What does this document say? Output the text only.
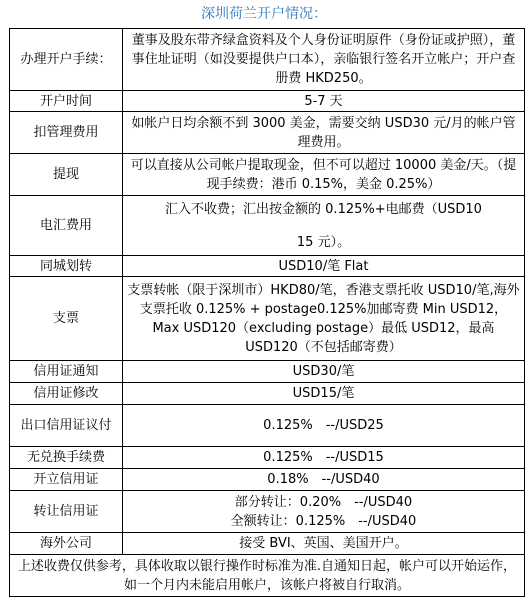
深圳荷兰开户情况：
办理开户手续：	董事及股东带齐绿盒资料及个人身份证明原件（身份证或护照），董事住址证明（如没要提供户口本），亲临银行签名开立帐户；开户查册费 HKD250。
开户时间	5-7 天
扣管理费用	如帐户日均余额不到 3000 美金，需要交纳 USD30 元/月的帐户管理费用。
提现	可以直接从公司帐户提取现金，但不可以超过 10000 美金/天。（提现手续费：港币 0.15%，美金 0.25%）
电汇费用	汇入不收费；汇出按金额的 0.125%+电邮费（USD10
15 元）。

同城划转	USD10/笔 Flat
支票	支票转帐（限于深圳市）HKD80/笔，香港支票托收 USD10/笔,海外支票托收 0.125% + postage0.125%加邮寄费 Min USD12，Max USD120（excluding postage）最低 USD12，最高 USD120（不包括邮寄费）
信用证通知	USD30/笔
信用证修改	USD15/笔
出口信用证议付	0.125%　--/USD25
无兑换手续费	0.125%　--/USD15
开立信用证	0.18%　--/USD40
转让信用证	部分转让：0.20%　--/USD40
全额转让：0.125%　--/USD40

海外公司	接受 BVI、英国、美国开户。
上述收费仅供参考，具体收取以银行操作时标准为准.自通知日起，帐户可以开始运作，如一个月内未能启用帐户，该帐户将被自行取消。	
